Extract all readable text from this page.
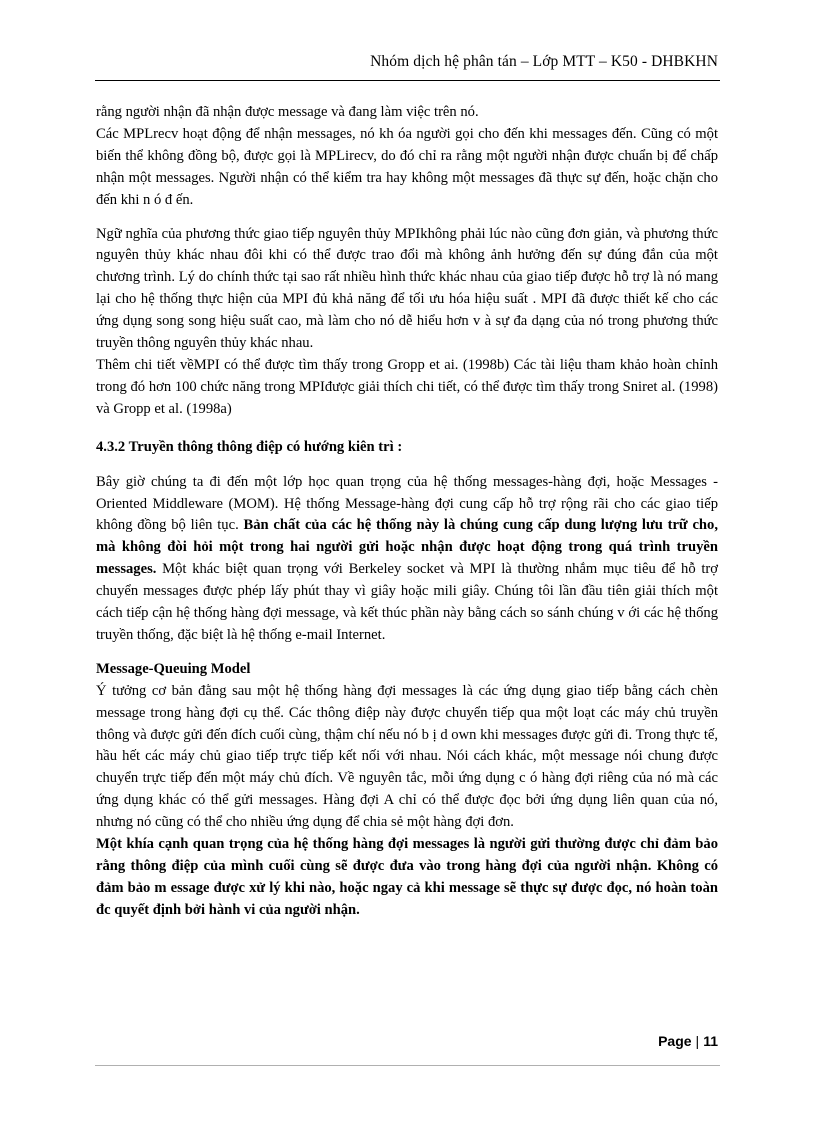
Nhóm dịch hệ phân tán – Lớp MTT – K50 - DHBKHN

rằng người nhận đã nhận được message và đang làm việc trên nó.

Các MPLrecv hoạt động để nhận messages, nó kh óa người gọi cho đến khi messages đến. Cũng có một biến thể không đồng bộ, được gọi là MPLirecv, do đó chỉ ra rằng một người nhận được chuẩn bị để chấp nhận một messages. Người nhận có thể kiểm tra hay không một messages đã thực sự đến, hoặc chặn cho đến khi n ó đ ến.

Ngữ nghĩa của phương thức giao tiếp nguyên thủy MPIkhông phải lúc nào cũng đơn giản, và phương thức nguyên thủy khác nhau đôi khi có thể được trao đổi mà không ảnh hưởng đến sự đúng đắn của một chương trình. Lý do chính thức tại sao rất nhiều hình thức khác nhau của giao tiếp được hỗ trợ là nó mang lại cho hệ thống thực hiện của MPI đủ khả năng để tối ưu hóa hiệu suất . MPI đã được thiết kế cho các ứng dụng song song hiệu suất cao, mà làm cho nó dễ hiểu hơn v à sự đa dạng của nó trong phương thức truyền thông nguyên thủy khác nhau.

Thêm chi tiết vềMPI có thể được tìm thấy trong Gropp et ai. (1998b) Các tài liệu tham khảo hoàn chỉnh trong đó hơn 100 chức năng trong MPIđược giải thích chi tiết, có thể được tìm thấy trong Sniret al. (1998) và Gropp et al. (1998a)

4.3.2 Truyền thông thông điệp có hướng kiên trì :

Bây giờ chúng ta đi đến một lớp học quan trọng của hệ thống messages-hàng đợi, hoặc Messages -Oriented Middleware (MOM). Hệ thống Message-hàng đợi cung cấp hỗ trợ rộng rãi cho các giao tiếp không đồng bộ liên tục. Bản chất của các hệ thống này là chúng cung cấp dung lượng lưu trữ cho, mà không đòi hỏi một trong hai người gửi hoặc nhận được hoạt động trong quá trình truyền messages. Một khác biệt quan trọng với Berkeley socket và MPI là thường nhắm mục tiêu để hỗ trợ chuyển messages được phép lấy phút thay vì giây hoặc mili giây. Chúng tôi lần đầu tiên giải thích một cách tiếp cận hệ thống hàng đợi message, và kết thúc phần này bằng cách so sánh chúng v ới các hệ thống truyền thống, đặc biệt là hệ thống e-mail Internet.

Message-Queuing Model

Ý tưởng cơ bản đằng sau một hệ thống hàng đợi messages là các ứng dụng giao tiếp bằng cách chèn message trong hàng đợi cụ thể. Các thông điệp này được chuyển tiếp qua một loạt các máy chủ truyền thông và được gửi đến đích cuối cùng, thậm chí nếu nó b ị d own khi messages được gửi đi. Trong thực tế, hầu hết các máy chủ giao tiếp trực tiếp kết nối với nhau. Nói cách khác, một message nói chung được chuyển trực tiếp đến một máy chủ đích. Về nguyên tắc, mỗi ứng dụng c ó hàng đợi riêng của nó mà các ứng dụng khác có thể gửi messages. Hàng đợi A chỉ có thể được đọc bởi ứng dụng liên quan của nó, nhưng nó cũng có thể cho nhiều ứng dụng để chia sẻ một hàng đợi đơn.

Một khía cạnh quan trọng của hệ thống hàng đợi messages là người gửi thường được chỉ đảm bảo rằng thông điệp của mình cuối cùng sẽ được đưa vào trong hàng đợi của người nhận. Không có đảm bảo m essage được xử lý khi nào, hoặc ngay cả khi message sẽ thực sự được đọc, nó hoàn toàn đc quyết định bởi hành vi của người nhận.

Page | 11
